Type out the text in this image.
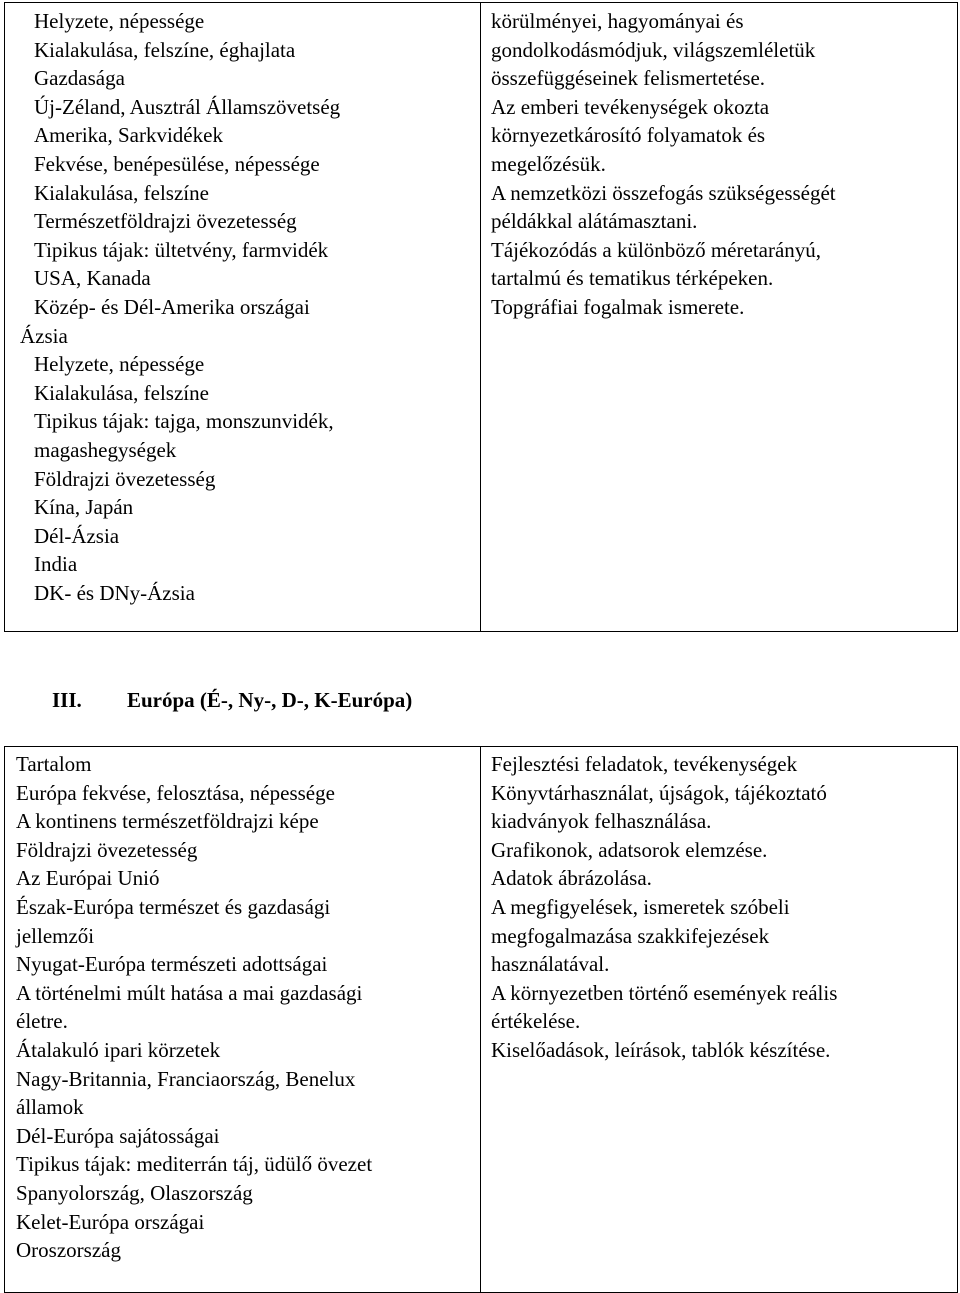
Helyzete, népessége
Kialakulása, felszíne, éghajlata
Gazdasága
Új-Zéland, Ausztrál Államszövetség
Amerika, Sarkvidékek
Fekvése, benépesülése, népessége
Kialakulása, felszíne
Természetföldrajzi övezetesség
Tipikus tájak: ültetvény, farmvidék
USA, Kanada
Közép- és Dél-Amerika országai
Ázsia
Helyzete, népessége
Kialakulása, felszíne
Tipikus tájak: tajga, monszunvidék,
magashegységek
Földrajzi övezetesség
Kína, Japán
Dél-Ázsia
India
DK- és DNy-Ázsia

körülményei, hagyományai és
gondolkodásmódjuk, világszemléletük
összefüggéseinek felismertetése.
Az emberi tevékenységek okozta
környezetkárosító folyamatok és
megelőzésük.
A nemzetközi összefogás szükségességét
példákkal alátámasztani.
Tájékozódás a különböző méretarányú,
tartalmú és tematikus térképeken.
Topgráfiai fogalmak ismerete.
III. Európa (É-, Ny-, D-, K-Európa)
Tartalom
Európa fekvése, felosztása, népessége
A kontinens természetföldrajzi képe
Földrajzi övezetesség
Az Európai Unió
Észak-Európa természet és gazdasági
jellemzői
Nyugat-Európa természeti adottságai
A történelmi múlt hatása a mai gazdasági
életre.
Átalakuló ipari körzetek
Nagy-Britannia, Franciaország, Benelux
államok
Dél-Európa sajátosságai
Tipikus tájak: mediterrán táj, üdülő övezet
Spanyolország, Olaszország
Kelet-Európa országai
Oroszország

Fejlesztési feladatok, tevékenységek
Könyvtárhasználat, újságok, tájékoztató
kiadványok felhasználása.
Grafikonok, adatsorok elemzése.
Adatok ábrázolása.
A megfigyelések, ismeretek szóbeli
megfogalmazása szakkifejezések
használatával.
A környezetben történő események reális
értékelése.
Kiselőadások, leírások, tablók készítése.
